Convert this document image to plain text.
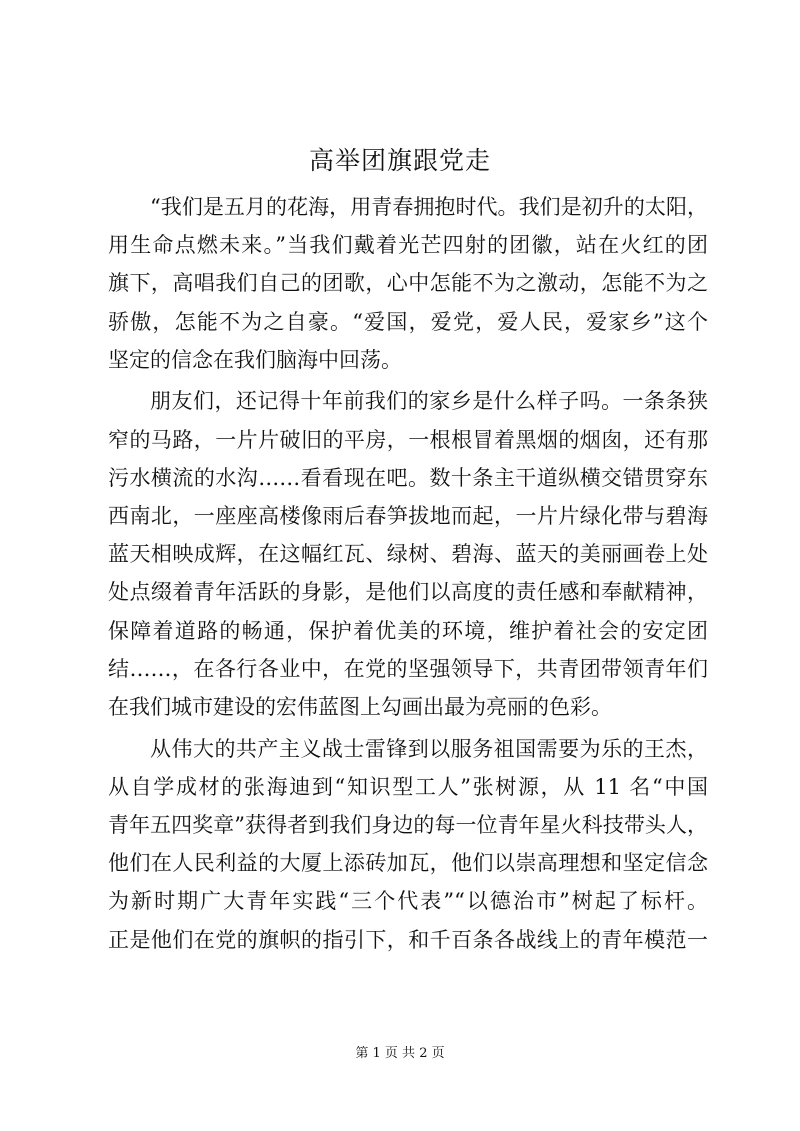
高举团旗跟党走
“我们是五月的花海，用青春拥抱时代。我们是初升的太阳，
用生命点燃未来。”当我们戴着光芒四射的团徽，站在火红的团
旗下，高唱我们自己的团歌，心中怎能不为之激动，怎能不为之
骄傲，怎能不为之自豪。“爱国，爱党，爱人民，爱家乡”这个
坚定的信念在我们脑海中回荡。
朋友们，还记得十年前我们的家乡是什么样子吗。一条条狭
窄的马路，一片片破旧的平房，一根根冒着黑烟的烟囱，还有那
污水横流的水沟……看看现在吧。数十条主干道纵横交错贯穿东
西南北，一座座高楼像雨后春笋拔地而起，一片片绿化带与碧海
蓝天相映成辉，在这幅红瓦、绿树、碧海、蓝天的美丽画卷上处
处点缀着青年活跃的身影，是他们以高度的责任感和奉献精神，
保障着道路的畅通，保护着优美的环境，维护着社会的安定团
结……，在各行各业中，在党的坚强领导下，共青团带领青年们
在我们城市建设的宏伟蓝图上勾画出最为亮丽的色彩。
从伟大的共产主义战士雷锋到以服务祖国需要为乐的王杰，
从自学成材的张海迪到“知识型工人”张树源，从 11 名“中国
青年五四奖章”获得者到我们身边的每一位青年星火科技带头人，
他们在人民利益的大厦上添砖加瓦，他们以崇高理想和坚定信念
为新时期广大青年实践“三个代表”“以德治市”树起了标杆。
正是他们在党的旗帜的指引下，和千百条各战线上的青年模范一
第 1 页 共 2 页
